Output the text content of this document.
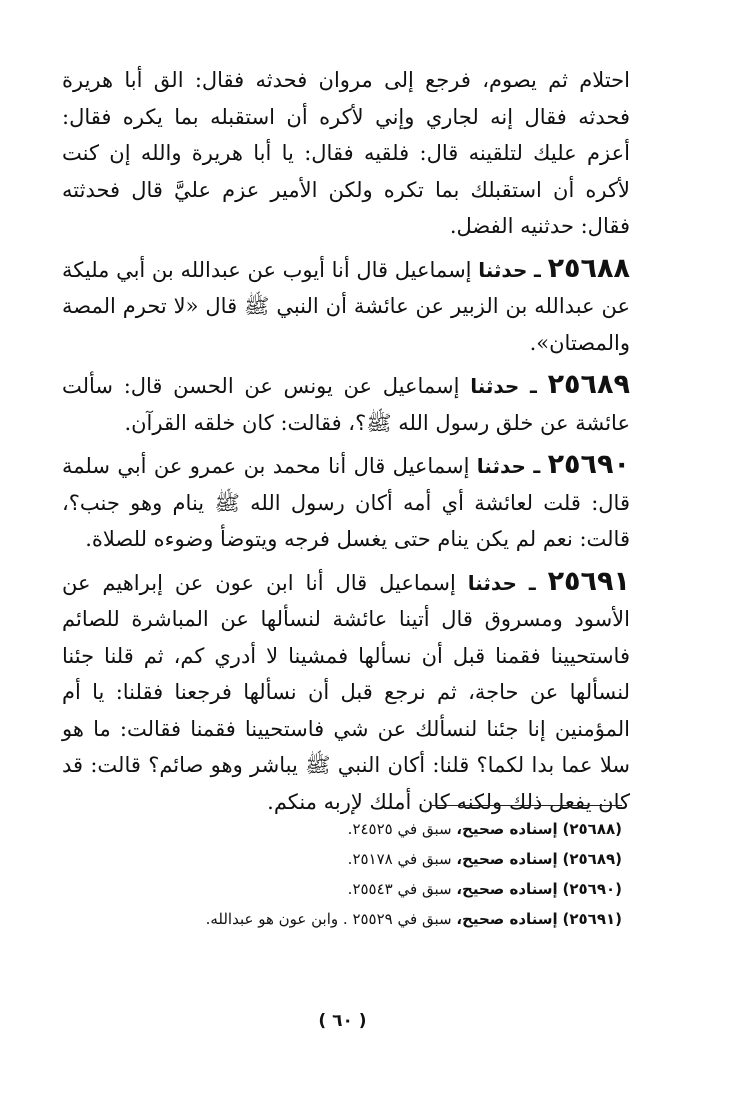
احتلام ثم يصوم، فرجع إلى مروان فحدثه فقال: الق أبا هريرة فحدثه فقال إنه لجاري وإني لأكره أن استقبله بما يكره فقال: أعزم عليك لتلقينه قال: فلقيه فقال: يا أبا هريرة والله إن كنت لأكره أن استقبلك بما تكره ولكن الأمير عزم عليَّ قال فحدثته فقال: حدثنيه الفضل.

٢٥٦٨٨ ـ حدثنا إسماعيل قال أنا أيوب عن عبدالله بن أبي مليكة عن عبدالله بن الزبير عن عائشة أن النبي ﷺ قال «لا تحرم المصة والمصتان».

٢٥٦٨٩ ـ حدثنا إسماعيل عن يونس عن الحسن قال: سألت عائشة عن خلق رسول الله ﷺ؟، فقالت: كان خلقه القرآن.

٢٥٦٩٠ ـ حدثنا إسماعيل قال أنا محمد بن عمرو عن أبي سلمة قال: قلت لعائشة أي أمه أكان رسول الله ﷺ ينام وهو جنب؟، قالت: نعم لم يكن ينام حتى يغسل فرجه ويتوضأ وضوءه للصلاة.

٢٥٦٩١ ـ حدثنا إسماعيل قال أنا ابن عون عن إبراهيم عن الأسود ومسروق قال أتينا عائشة لنسألها عن المباشرة للصائم فاستحيينا فقمنا قبل أن نسألها فمشينا لا أدري كم، ثم قلنا جئنا لنسألها عن حاجة، ثم نرجع قبل أن نسألها فرجعنا فقلنا: يا أم المؤمنين إنا جئنا لنسألك عن شي فاستحيينا فقمنا فقالت: ما هو سلا عما بدا لكما؟ قلنا: أكان النبي ﷺ يباشر وهو صائم؟ قالت: قد كان يفعل ذلك ولكنه كان أملك لإربه منكم.

(٢٥٦٨٨) إسناده صحيح، سبق في ٢٤٥٢٥.

(٢٥٦٨٩) إسناده صحيح، سبق في ٢٥١٧٨.

(٢٥٦٩٠) إسناده صحيح، سبق في ٢٥٥٤٣.

(٢٥٦٩١) إسناده صحيح، سبق في ٢٥٥٢٩ . وابن عون هو عبدالله.

( ٦٠ )
